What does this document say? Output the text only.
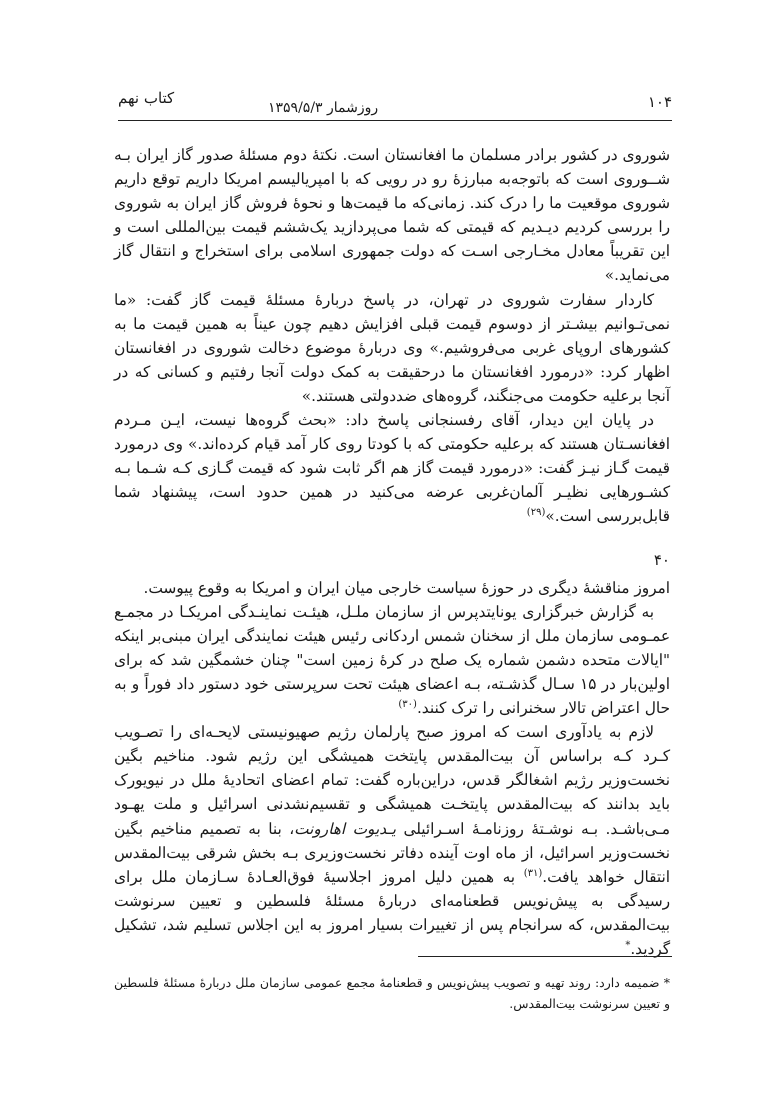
۱۰۴
روزشمار ۱۳۵۹/۵/۳
کتاب نهم

شوروی در کشور برادر مسلمان ما افغانستان است. نکتۀ دوم مسئلۀ صدور گاز ایران بـه شــوروی است که باتوجه‌به مبارزۀ رو در رویی که با امپریالیسم امریکا داریم توقع داریم شوروی موقعیت ما را درک کند. زمانی‌که ما قیمت‌ها و نحوۀ فروش گاز ایران به شوروی را بررسی کردیم دیـدیم که قیمتی که شما می‌پردازید یک‌ششم قیمت بین‌المللی است و این تقریباً معادل مخـارجی اسـت که دولت جمهوری اسلامی برای استخراج و انتقال گاز می‌نماید.»

کاردار سفارت شوروی در تهران، در پاسخ دربارۀ مسئلۀ قیمت گاز گفت: «ما نمی‌تـوانیم بیشـتر از دوسوم قیمت قبلی افزایش دهیم چون عیناً به همین قیمت ما به کشورهای اروپای غربی می‌فروشیم.» وی دربارۀ موضوع دخالت شوروی در افغانستان اظهار کرد: «درمورد افغانستان ما درحقیقت به کمک دولت آنجا رفتیم و کسانی که در آنجا برعلیه حکومت می‌جنگند، گروه‌های ضددولتی هستند.»

در پایان این دیدار، آقای رفسنجانی پاسخ داد: «بحث گروه‌ها نیست، ایـن مـردم افغانسـتان هستند که برعلیه حکومتی که با کودتا روی کار آمد قیام کرده‌اند.» وی درمورد قیمت گـاز نیـز گفت: «درمورد قیمت گاز هم اگر ثابت شود که قیمت گـازی کـه شـما بـه کشـورهایی نظیـر آلمان‌غربی عرضه می‌کنید در همین حدود است، پیشنهاد شما قابل‌بررسی است.»$^{(۲۹)}$

۴۰

امروز مناقشۀ دیگری در حوزۀ سیاست خارجی میان ایران و امریکا به وقوع پیوست.

به گزارش خبرگزاری یونایتدپرس از سازمان ملـل، هیئـت نماینـدگی امریکـا در مجمـع عمـومی سازمان ملل از سخنان شمس اردکانی رئیس هیئت نمایندگی ایران مبنی‌بر اینکه "ایالات متحده دشمن شماره یک صلح در کرۀ زمین است" چنان خشمگین شد که برای اولین‌بار در ۱۵ سـال گذشـته، بـه اعضای هیئت تحت سرپرستی خود دستور داد فوراً و به حال اعتراض تالار سخنرانی را ترک کنند.$^{(۳۰)}$

لازم به یادآوری است که امروز صبح پارلمان رژیم صهیونیستی لایحـه‌ای را تصـویب کـرد کـه براساس آن بیت‌المقدس پایتخت همیشگی این رژیم شود. مناخیم بگین نخست‌وزیر رژیم اشغالگر قدس، دراین‌باره گفت: تمام اعضای اتحادیۀ ملل در نیویورک باید بدانند که بیت‌المقدس پایتخـت همیشگی و تقسیم‌نشدنی اسرائیل و ملت یهـود مـی‌باشـد. بـه نوشـتۀ روزنامـۀ اسـرائیلی یـدیوت اهارونت، بنا به تصمیم مناخیم بگین نخست‌وزیر اسرائیل، از ماه اوت آینده دفاتر نخست‌وزیری بـه بخش شرقی بیت‌المقدس انتقال خواهد یافت.$^{(۳۱)}$ به همین دلیل امروز اجلاسیۀ فوق‌العـادۀ سـازمان ملل برای رسیدگی به پیش‌نویس قطعنامه‌ای دربارۀ مسئلۀ فلسطین و تعیین سرنوشت بیت‌المقدس، که سرانجام پس از تغییرات بسیار امروز به این اجلاس تسلیم شد، تشکیل گردید.*

* ضمیمه دارد: روند تهیه و تصویب پیش‌نویس و قطعنامۀ مجمع عمومی سازمان ملل دربارۀ مسئلۀ فلسطین و تعیین سرنوشت بیت‌المقدس.
